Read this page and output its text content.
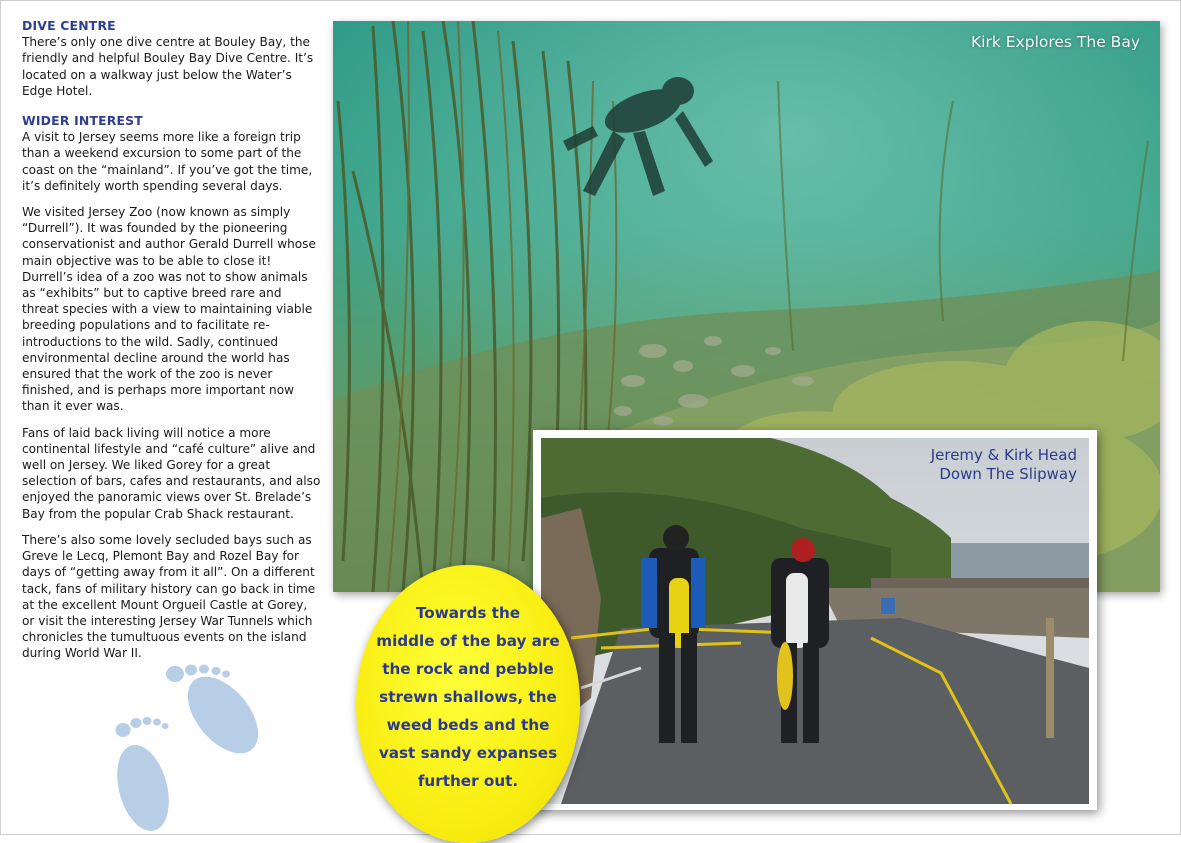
DIVE CENTRE

There’s only one dive centre at Bouley Bay, the friendly and helpful Bouley Bay Dive Centre. It’s located on a walkway just below the Water’s Edge Hotel.

WIDER INTEREST

A visit to Jersey seems more like a foreign trip than a weekend excursion to some part of the coast on the “mainland”. If you’ve got the time, it’s definitely worth spending several days.

We visited Jersey Zoo (now known as simply “Durrell”). It was founded by the pioneering conservationist and author Gerald Durrell whose main objective was to be able to close it! Durrell’s idea of a zoo was not to show animals as “exhibits” but to captive breed rare and threat species with a view to maintaining viable breeding populations and to facilitate re-introductions to the wild. Sadly, continued environmental decline around the world has ensured that the work of the zoo is never finished, and is perhaps more important now than it ever was.

Fans of laid back living will notice a more continental lifestyle and “café culture” alive and well on Jersey. We liked Gorey for a great selection of bars, cafes and restaurants, and also enjoyed the panoramic views over St. Brelade’s Bay from the popular Crab Shack restaurant.

There’s also some lovely secluded bays such as Greve le Lecq, Plemont Bay and Rozel Bay for days of “getting away from it all”. On a different tack, fans of military history can go back in time at the excellent Mount Orgueil Castle at Gorey, or visit the interesting Jersey War Tunnels which chronicles the tumultuous events on the island during World War II.

Kirk Explores The Bay
Jeremy & Kirk Head
Down The Slipway
Towards the
middle of the bay are
the rock and pebble
strewn shallows, the
weed beds and the
vast sandy expanses
further out.
